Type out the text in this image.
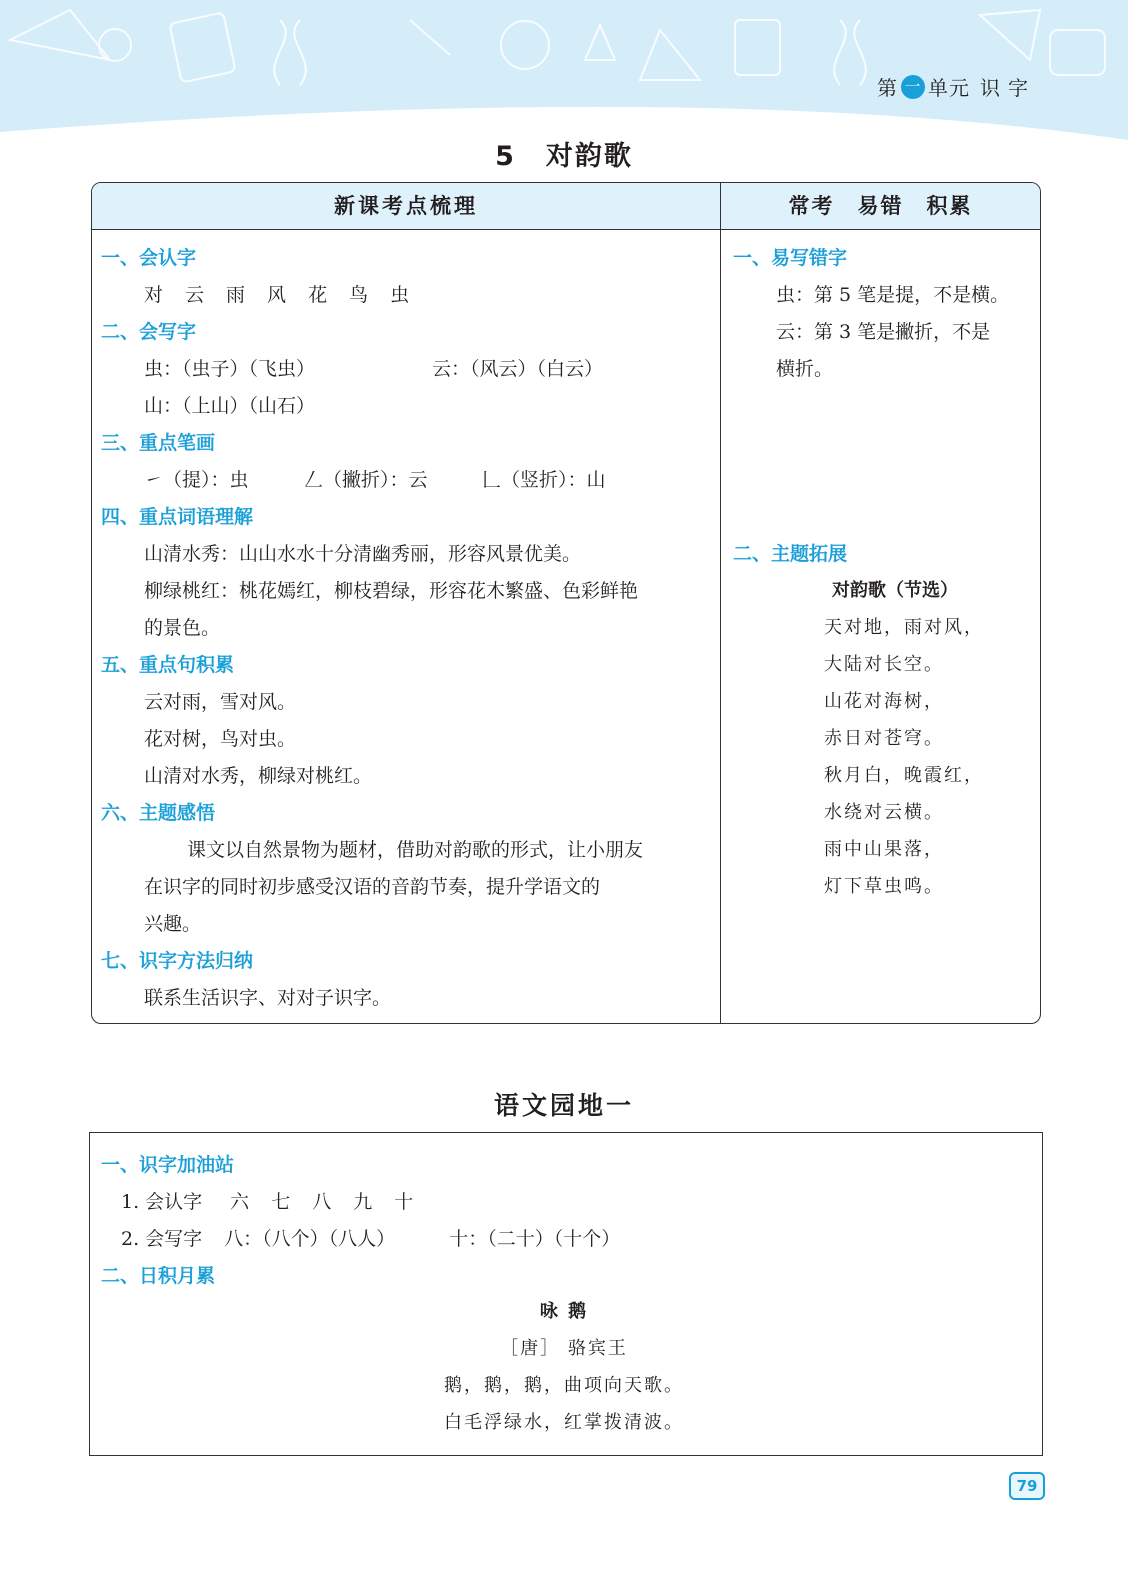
第 一 单元 识字
5 对韵歌
新课考点梳理	常考　易错　积累
一、会认字
对 云 雨 风 花 鸟 虫
二、会写字
虫：（虫子）（飞虫）	云：（风云）（白云）
山：（上山）（山石）
三、重点笔画
㇀（提）：虫	𠃋（撇折）：云	𠃊（竖折）：山
四、重点词语理解
山清水秀：山山水水十分清幽秀丽，形容风景优美。
柳绿桃红：桃花嫣红，柳枝碧绿，形容花木繁盛、色彩鲜艳
的景色。
五、重点句积累
云对雨，雪对风。
花对树，鸟对虫。
山清对水秀，柳绿对桃红。
六、主题感悟
课文以自然景物为题材，借助对韵歌的形式，让小朋友
在识字的同时初步感受汉语的音韵节奏，提升学语文的
兴趣。
七、识字方法归纳
联系生活识字、对对子识字。
一、易写错字
虫：第 5 笔是提，不是横。
云：第 3 笔是撇折，不是
横折。
二、主题拓展
对韵歌（节选）
天对地，雨对风，
大陆对长空。
山花对海树，
赤日对苍穹。
秋月白，晚霞红，
水绕对云横。
雨中山果落，
灯下草虫鸣。
语文园地一
一、识字加油站
1. 会认字 六 七 八 九 十
2. 会写字 八：（八个）（八人）	十：（二十）（十个）
二、日积月累
咏 鹅
［唐］ 骆宾王
鹅，鹅，鹅，曲项向天歌。
白毛浮绿水，红掌拨清波。
79
